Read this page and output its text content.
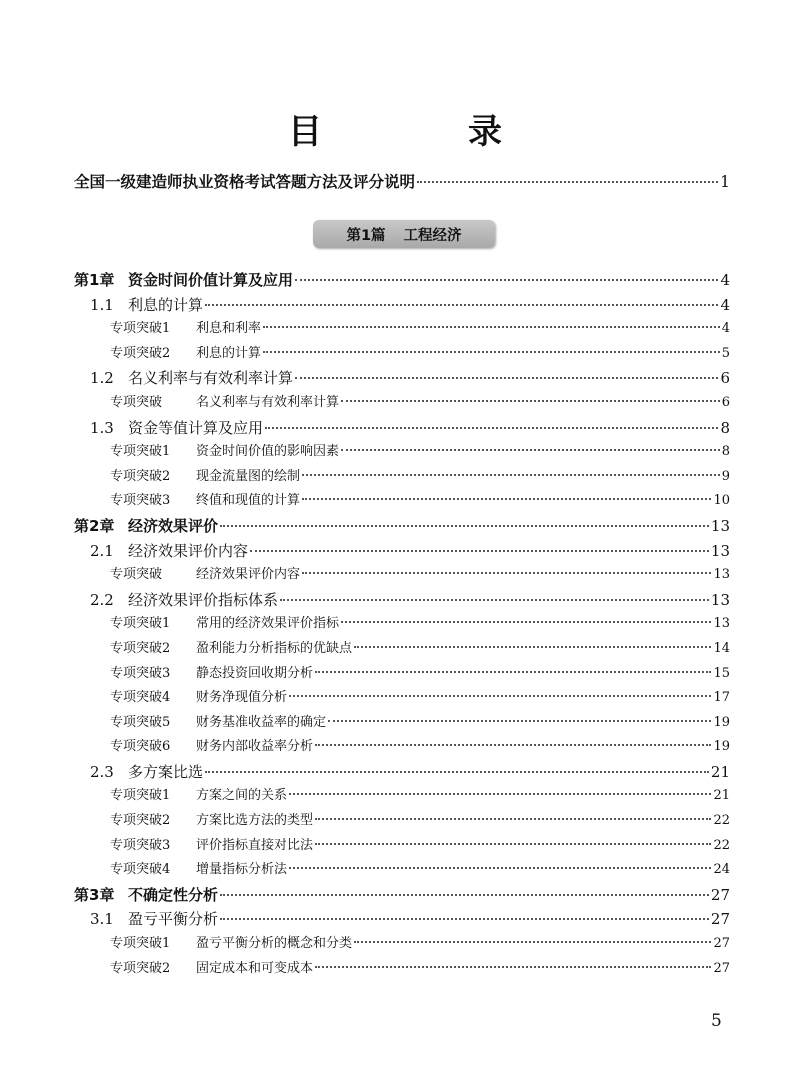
目　录
全国一级建造师执业资格考试答题方法及评分说明	1
第1篇 工程经济
第1章 资金时间价值计算及应用	4
1.1 利息的计算	4
专项突破1	利息和利率	4
专项突破2	利息的计算	5
1.2 名义利率与有效利率计算	6
专项突破	名义利率与有效利率计算	6
1.3 资金等值计算及应用	8
专项突破1	资金时间价值的影响因素	8
专项突破2	现金流量图的绘制	9
专项突破3	终值和现值的计算	10
第2章 经济效果评价	13
2.1 经济效果评价内容	13
专项突破	经济效果评价内容	13
2.2 经济效果评价指标体系	13
专项突破1	常用的经济效果评价指标	13
专项突破2	盈利能力分析指标的优缺点	14
专项突破3	静态投资回收期分析	15
专项突破4	财务净现值分析	17
专项突破5	财务基准收益率的确定	19
专项突破6	财务内部收益率分析	19
2.3 多方案比选	21
专项突破1	方案之间的关系	21
专项突破2	方案比选方法的类型	22
专项突破3	评价指标直接对比法	22
专项突破4	增量指标分析法	24
第3章 不确定性分析	27
3.1 盈亏平衡分析	27
专项突破1	盈亏平衡分析的概念和分类	27
专项突破2	固定成本和可变成本	27
5
